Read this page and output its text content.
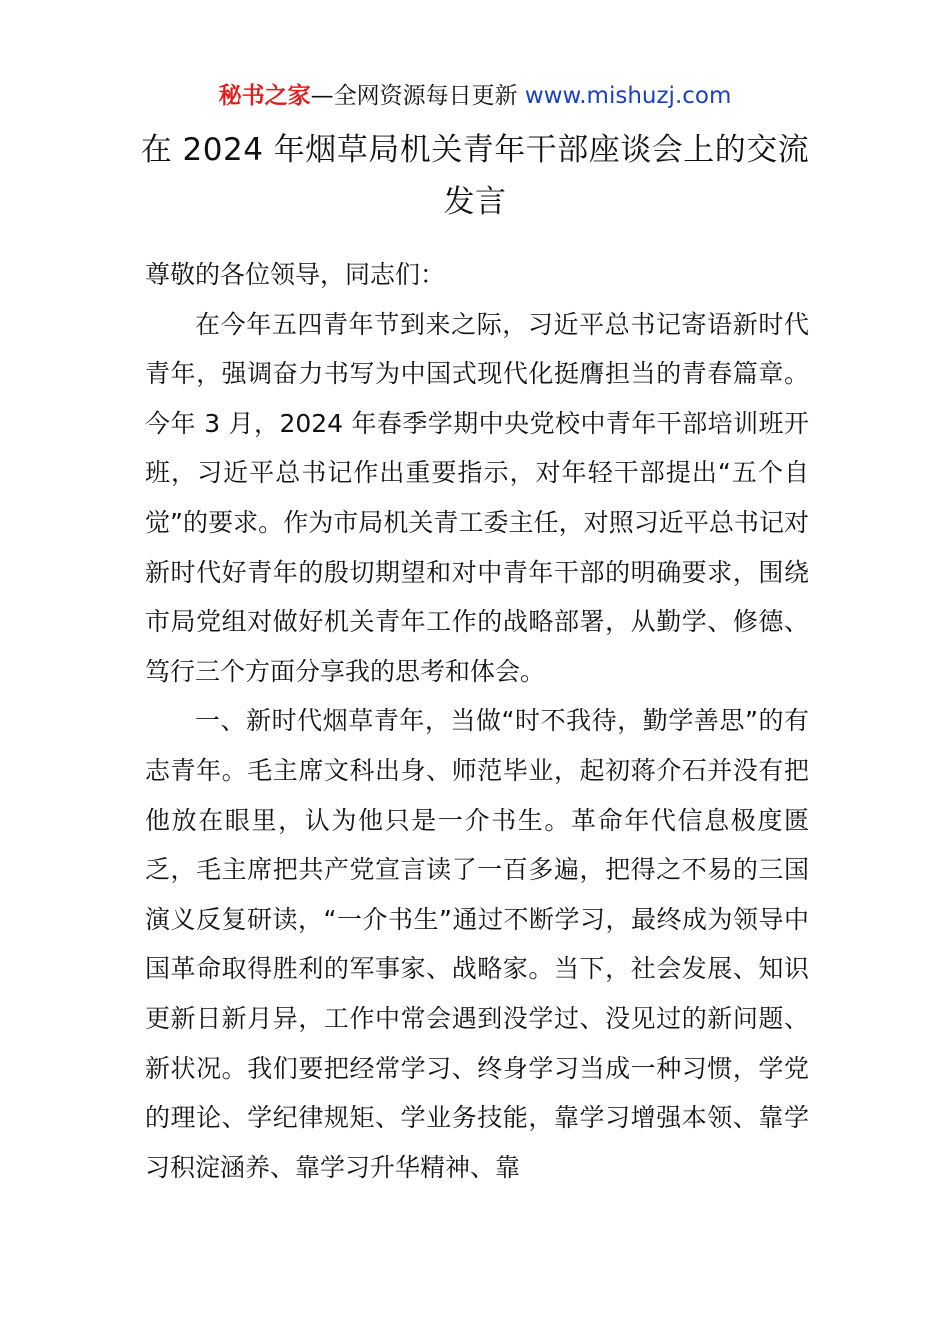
秘书之家—全网资源每日更新 www.mishuzj.com
在 2024 年烟草局机关青年干部座谈会上的交流发言

尊敬的各位领导，同志们：

在今年五四青年节到来之际，习近平总书记寄语新时代青年，强调奋力书写为中国式现代化挺膺担当的青春篇章。今年 3 月，2024 年春季学期中央党校中青年干部培训班开班，习近平总书记作出重要指示，对年轻干部提出“五个自觉”的要求。作为市局机关青工委主任，对照习近平总书记对新时代好青年的殷切期望和对中青年干部的明确要求，围绕市局党组对做好机关青年工作的战略部署，从勤学、修德、笃行三个方面分享我的思考和体会。

一、新时代烟草青年，当做“时不我待，勤学善思”的有志青年。毛主席文科出身、师范毕业，起初蒋介石并没有把他放在眼里，认为他只是一介书生。革命年代信息极度匮乏，毛主席把共产党宣言读了一百多遍，把得之不易的三国演义反复研读，“一介书生”通过不断学习，最终成为领导中国革命取得胜利的军事家、战略家。当下，社会发展、知识更新日新月异，工作中常会遇到没学过、没见过的新问题、新状况。我们要把经常学习、终身学习当成一种习惯，学党的理论、学纪律规矩、学业务技能，靠学习增强本领、靠学习积淀涵养、靠学习升华精神、靠
